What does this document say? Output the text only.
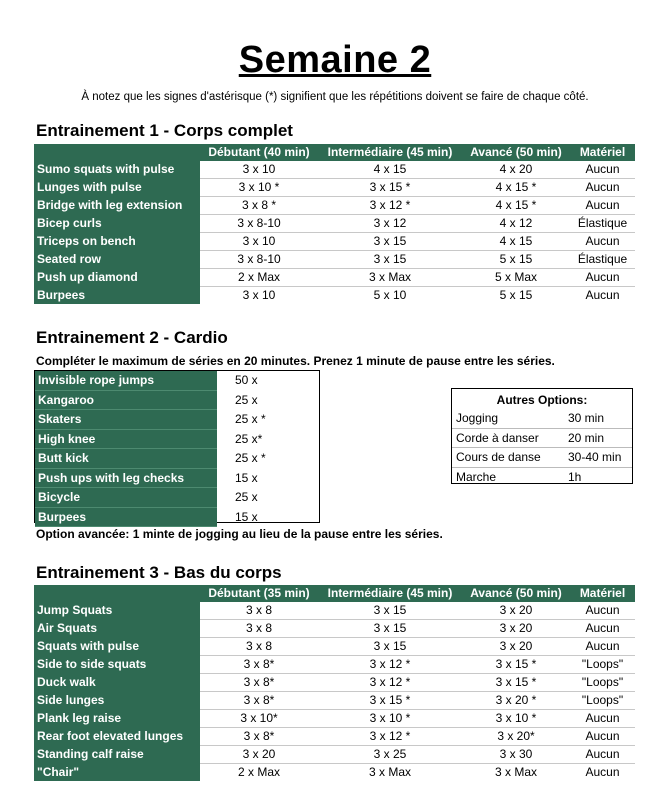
Semaine 2
À notez que les signes d'astérisque (*) signifient que les répétitions doivent se faire de chaque côté.
Entrainement 1 - Corps complet
	Débutant (40 min)	Intermédiaire (45 min)	Avancé (50 min)	Matériel
Sumo squats with pulse	3 x 10	4 x 15	4 x 20	Aucun
Lunges with pulse	3 x 10 *	3 x 15 *	4 x 15 *	Aucun
Bridge with leg extension	3 x 8 *	3 x 12 *	4 x 15 *	Aucun
Bicep curls	3 x 8-10	3 x 12	4 x 12	Élastique
Triceps on bench	3 x 10	3 x 15	4 x 15	Aucun
Seated row	3 x 8-10	3 x 15	5 x 15	Élastique
Push up diamond	2 x Max	3 x Max	5 x Max	Aucun
Burpees	3 x 10	5 x 10	5 x 15	Aucun
Entrainement 2 - Cardio
Compléter le maximum de séries en 20 minutes. Prenez 1 minute de pause entre les séries.
Invisible rope jumps	50 x
Kangaroo	25 x
Skaters	25 x *
High knee	25 x*
Butt kick	25 x *
Push ups with leg checks	15 x
Bicycle	25 x
Burpees	15 x
Autres Options:
Jogging	30 min
Corde à danser	20 min
Cours de danse	30-40 min
Marche	1h
Option avancée: 1 minte de jogging au lieu de la pause entre les séries.
Entrainement 3 - Bas du corps
	Débutant (35 min)	Intermédiaire (45 min)	Avancé (50 min)	Matériel
Jump Squats	3 x 8	3 x 15	3 x 20	Aucun
Air Squats	3 x 8	3 x 15	3 x 20	Aucun
Squats with pulse	3 x 8	3 x 15	3 x 20	Aucun
Side to side squats	3 x 8*	3 x 12 *	3 x 15 *	"Loops"
Duck walk	3 x 8*	3 x 12 *	3 x 15 *	"Loops"
Side lunges	3 x 8*	3 x 15 *	3 x 20 *	"Loops"
Plank leg raise	3 x 10*	3 x 10 *	3 x 10 *	Aucun
Rear foot elevated lunges	3 x 8*	3 x 12 *	3 x 20*	Aucun
Standing calf raise	3 x 20	3 x 25	3 x 30	Aucun
"Chair"	2 x Max	3 x Max	3 x Max	Aucun
